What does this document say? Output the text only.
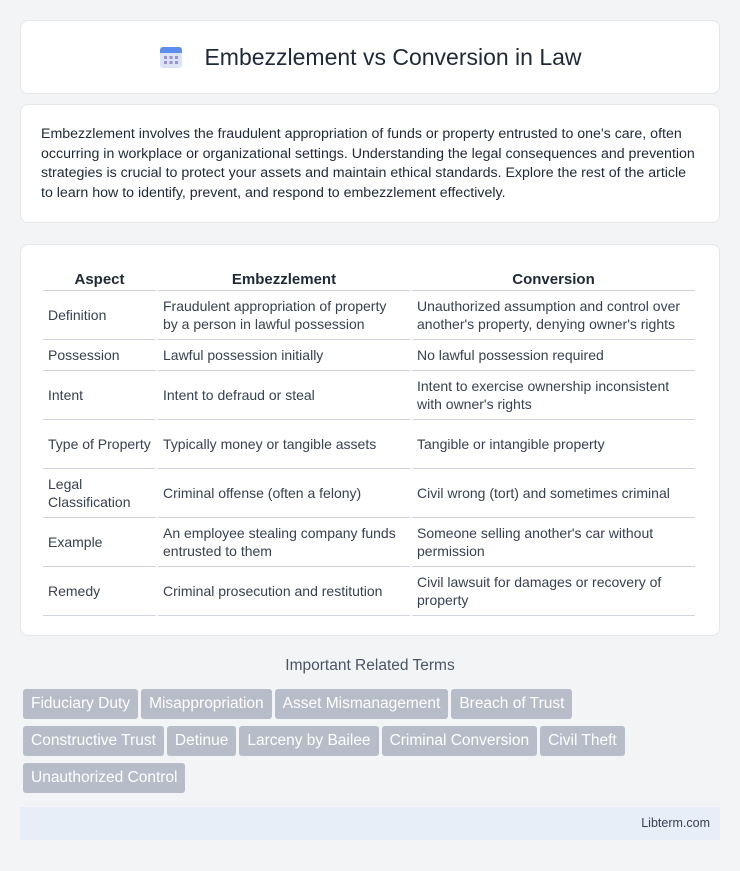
Embezzlement vs Conversion in Law

Embezzlement involves the fraudulent appropriation of funds or property entrusted to one's care, often occurring in workplace or organizational settings. Understanding the legal consequences and prevention strategies is crucial to protect your assets and maintain ethical standards. Explore the rest of the article to learn how to identify, prevent, and respond to embezzlement effectively.

Aspect	Embezzlement	Conversion
Definition	Fraudulent appropriation of property by a person in lawful possession	Unauthorized assumption and control over another's property, denying owner's rights
Possession	Lawful possession initially	No lawful possession required
Intent	Intent to defraud or steal	Intent to exercise ownership inconsistent with owner's rights
Type of Property	Typically money or tangible assets	Tangible or intangible property
Legal Classification	Criminal offense (often a felony)	Civil wrong (tort) and sometimes criminal
Example	An employee stealing company funds entrusted to them	Someone selling another's car without permission
Remedy	Criminal prosecution and restitution	Civil lawsuit for damages or recovery of property
Important Related Terms
Fiduciary Duty Misappropriation Asset Mismanagement Breach of Trust
Constructive Trust Detinue Larceny by Bailee Criminal Conversion Civil Theft
Unauthorized Control
Libterm.com
